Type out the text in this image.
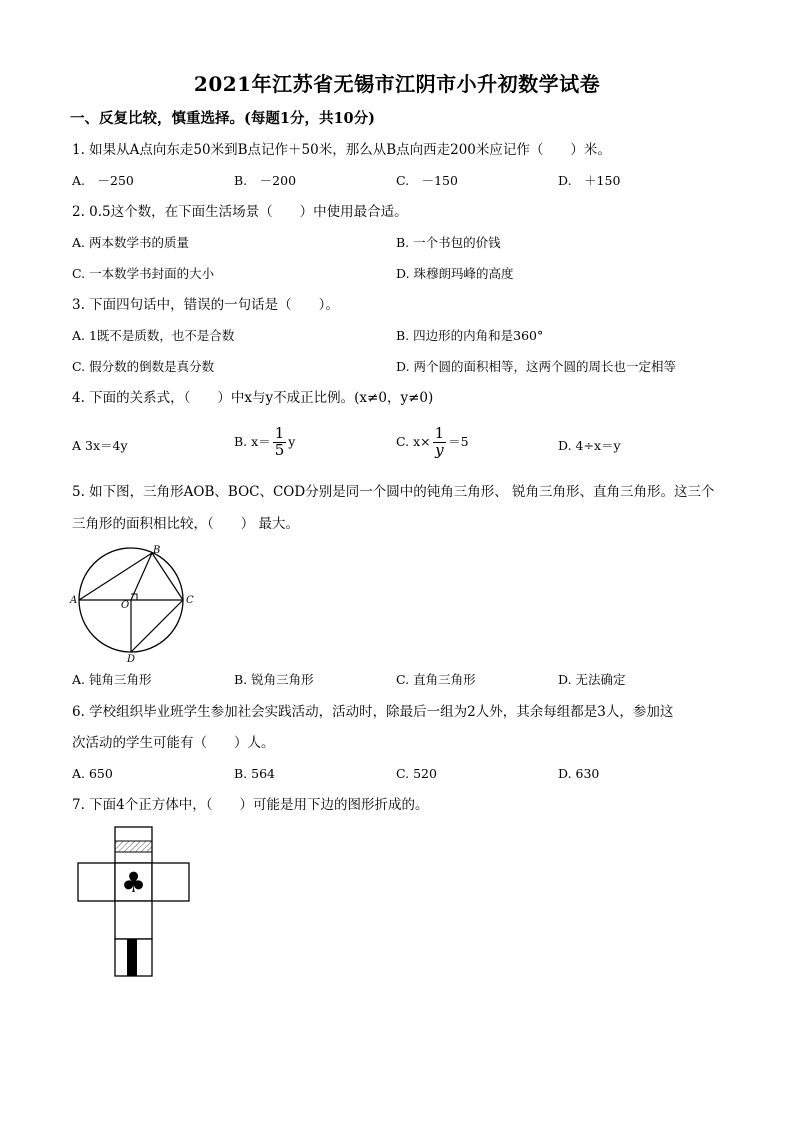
2021年江苏省无锡市江阴市小升初数学试卷
一、反复比较，慎重选择。(每题1分，共10分)
1. 如果从A点向东走50米到B点记作＋50米，那么从B点向西走200米应记作（　　）米。
A.　－250	B.　－200	C.　－150	D.　＋150
2. 0.5这个数，在下面生活场景（　　）中使用最合适。
A. 两本数学书的质量	B. 一个书包的价钱
C. 一本数学书封面的大小	D. 珠穆朗玛峰的高度
3. 下面四句话中，错误的一句话是（　　）。
A. 1既不是质数，也不是合数	B. 四边形的内角和是360°
C. 假分数的倒数是真分数	D. 两个圆的面积相等，这两个圆的周长也一定相等
4. 下面的关系式，（　　）中x与y不成正比例。(x≠0，y≠0)
A 3x＝4y	B. $x= \frac{1}{5}$ y	C. $x\times \frac{1}{y} =5$	D. 4÷x＝y
5. 如下图，三角形AOB、BOC、COD分别是同一个圆中的钝角三角形、 锐角三角形、直角三角形。这三个
三角形的面积相比较，（　　） 最大。
B
A	C
O
D
A. 钝角三角形	B. 锐角三角形	C. 直角三角形	D. 无法确定
6. 学校组织毕业班学生参加社会实践活动，活动时，除最后一组为2人外，其余每组都是3人，参加这
次活动的学生可能有（　　）人。
A. 650	B. 564	C. 520	D. 630
7. 下面4个正方体中，（　　）可能是用下边的图形折成的。
♣
